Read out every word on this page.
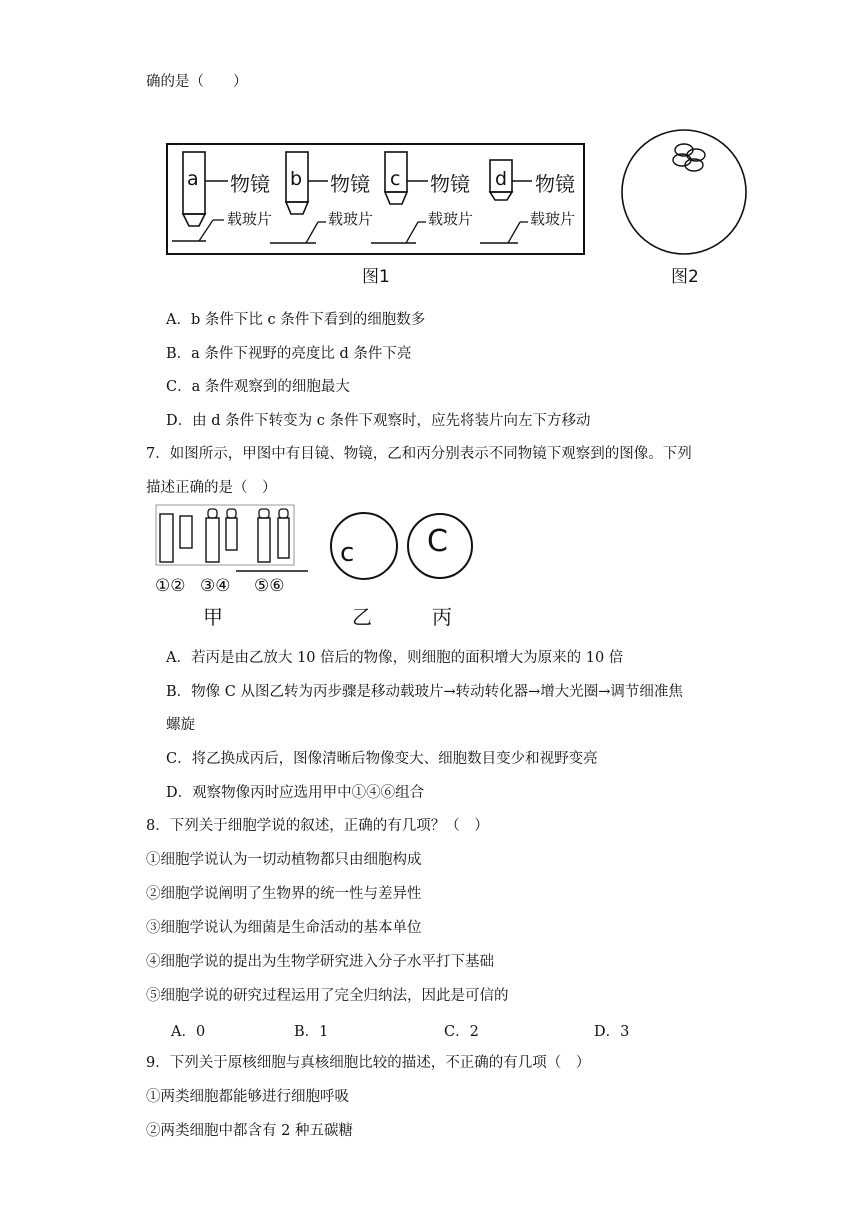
确的是（　　）
a	b	c	d
物镜	物镜	物镜	物镜
载玻片	载玻片	载玻片	载玻片
图1	图2
A．b 条件下比 c 条件下看到的细胞数多
B．a 条件下视野的亮度比 d 条件下亮
C．a 条件观察到的细胞最大
D．由 d 条件下转变为 c 条件下观察时，应先将装片向左下方移动
7．如图所示，甲图中有目镜、物镜，乙和丙分别表示不同物镜下观察到的图像。下列
描述正确的是（　）
①② ③④ ⑤⑥
甲
c C
乙	丙
A．若丙是由乙放大 10 倍后的物像，则细胞的面积增大为原来的 10 倍
B．物像 C 从图乙转为丙步骤是移动载玻片→转动转化器→增大光圈→调节细准焦
螺旋
C．将乙换成丙后，图像清晰后物像变大、细胞数目变少和视野变亮
D．观察物像丙时应选用甲中①④⑥组合
8．下列关于细胞学说的叙述，正确的有几项？（　）
①细胞学说认为一切动植物都只由细胞构成
②细胞学说阐明了生物界的统一性与差异性
③细胞学说认为细菌是生命活动的基本单位
④细胞学说的提出为生物学研究进入分子水平打下基础
⑤细胞学说的研究过程运用了完全归纳法，因此是可信的
A．0	B．1	C．2	D．3
9．下列关于原核细胞与真核细胞比较的描述，不正确的有几项（　）
①两类细胞都能够进行细胞呼吸
②两类细胞中都含有 2 种五碳糖
